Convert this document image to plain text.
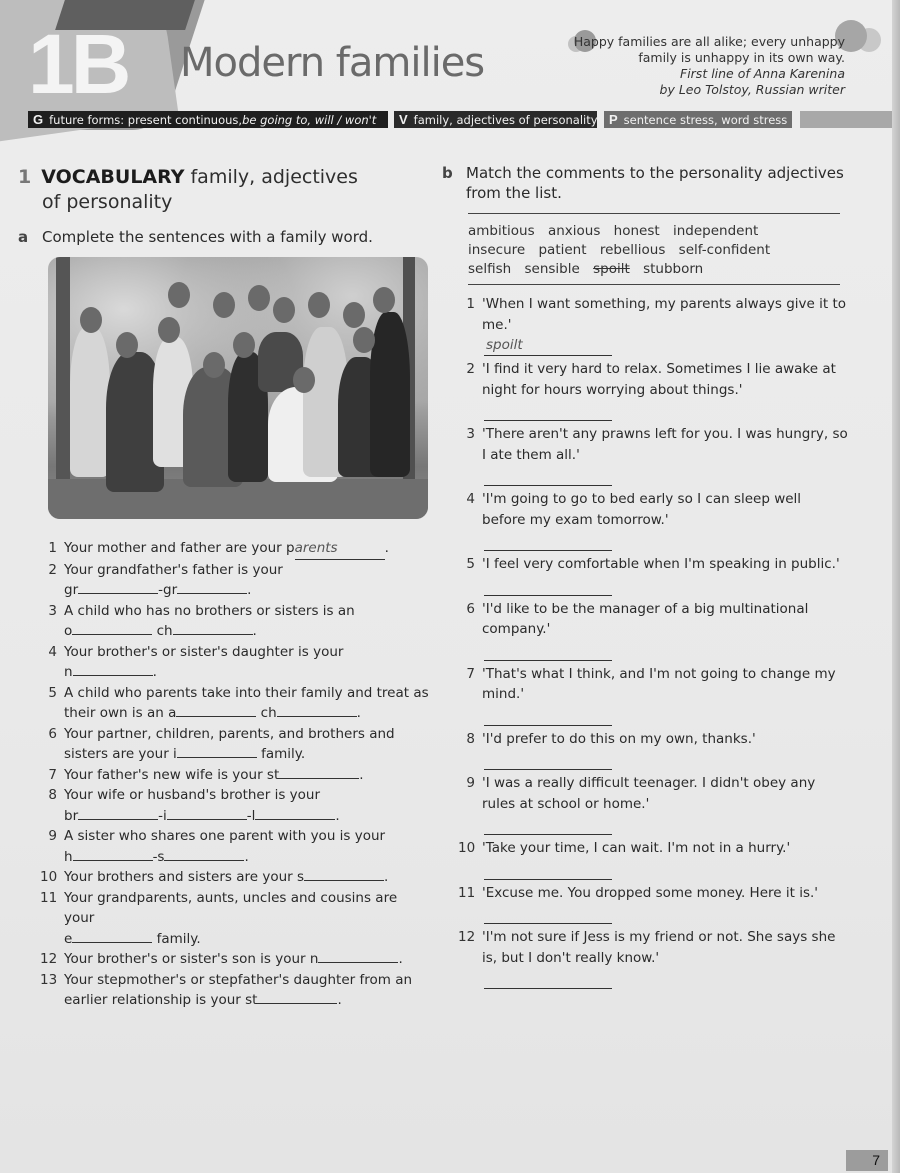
1B Modern families	Happy families are all alike; every unhappy
family is unhappy in its own way.
First line of Anna Karenina
by Leo Tolstoy, Russian writer
G future forms: present continuous, be going to, will / won't V family, adjectives of personality P sentence stress, word stress
1 VOCABULARY family, adjectives
of personality
a Complete the sentences with a family word.
1 Your mother and father are your parents	.
2 Your grandfather's father is your
gr	-gr	.
3 A child who has no brothers or sisters is an
o	ch	.
4 Your brother's or sister's daughter is your
n	.
5 A child who parents take into their family and treat as
their own is an a	ch	.
6 Your partner, children, parents, and brothers and
sisters are your i	family.
7 Your father's new wife is your st	.
8 Your wife or husband's brother is your
br	-i	-l	.
9 A sister who shares one parent with you is your
h	-s	.
10 Your brothers and sisters are your s	.
11 Your grandparents, aunts, uncles and cousins are your
e	family.
12 Your brother's or sister's son is your n	.
13 Your stepmother's or stepfather's daughter from an
earlier relationship is your st	.
b Match the comments to the personality adjectives
from the list.
ambitious anxious honest independent
insecure patient rebellious self-confident
selfish sensible spoilt stubborn
1 'When I want something, my parents always give it to me.'
spoilt
2 'I find it very hard to relax. Sometimes I lie awake at night for hours worrying about things.'
3 'There aren't any prawns left for you. I was hungry, so I ate them all.'
4 'I'm going to go to bed early so I can sleep well before my exam tomorrow.'
5 'I feel very comfortable when I'm speaking in public.'
6 'I'd like to be the manager of a big multinational company.'
7 'That's what I think, and I'm not going to change my mind.'
8 'I'd prefer to do this on my own, thanks.'
9 'I was a really difficult teenager. I didn't obey any rules at school or home.'
10 'Take your time, I can wait. I'm not in a hurry.'
11 'Excuse me. You dropped some money. Here it is.'
12 'I'm not sure if Jess is my friend or not. She says she is, but I don't really know.'
7
